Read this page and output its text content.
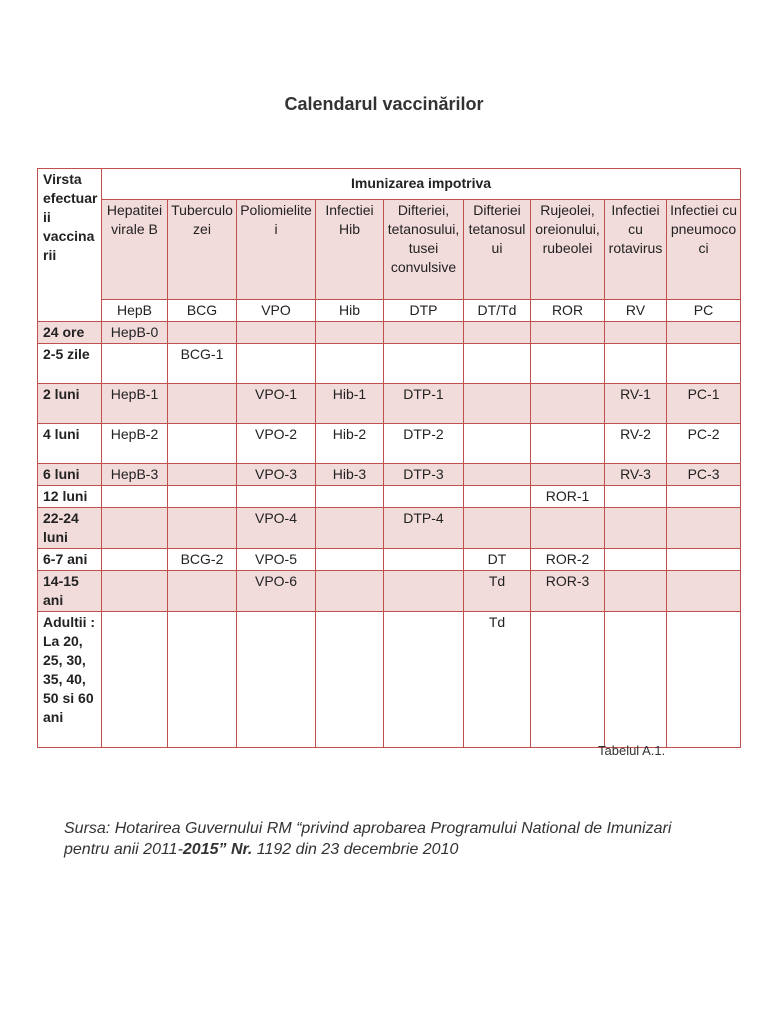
Calendarul vaccinărilor
Virsta efectuarii vaccinarii	Imunizarea impotriva								
	Hepatitei virale B	Tuberculozei	Poliomielitei	Infectiei Hib	Difteriei, tetanosului, tusei convulsive	Difteriei tetanosului	Rujeolei, oreionului, rubeolei	Infectiei cu rotavirus	Infectiei cu pneumococi
	HepB	BCG	VPO	Hib	DTP	DT/Td	ROR	RV	PC
24 ore	HepB-0								
2-5 zile		BCG-1							
2 luni	HepB-1		VPO-1	Hib-1	DTP-1			RV-1	PC-1
4 luni	HepB-2		VPO-2	Hib-2	DTP-2			RV-2	PC-2
6 luni	HepB-3		VPO-3	Hib-3	DTP-3			RV-3	PC-3
12 luni							ROR-1		
22-24 luni			VPO-4		DTP-4				
6-7 ani		BCG-2	VPO-5			DT	ROR-2		
14-15 ani			VPO-6			Td	ROR-3		
Adultii : La 20, 25, 30, 35, 40, 50 si 60 ani						Td			
Tabelul A.1.
Sursa: Hotarirea Guvernului RM “privind aprobarea Programului National de Imunizari pentru anii 2011-2015” Nr. 1192 din 23 decembrie 2010
